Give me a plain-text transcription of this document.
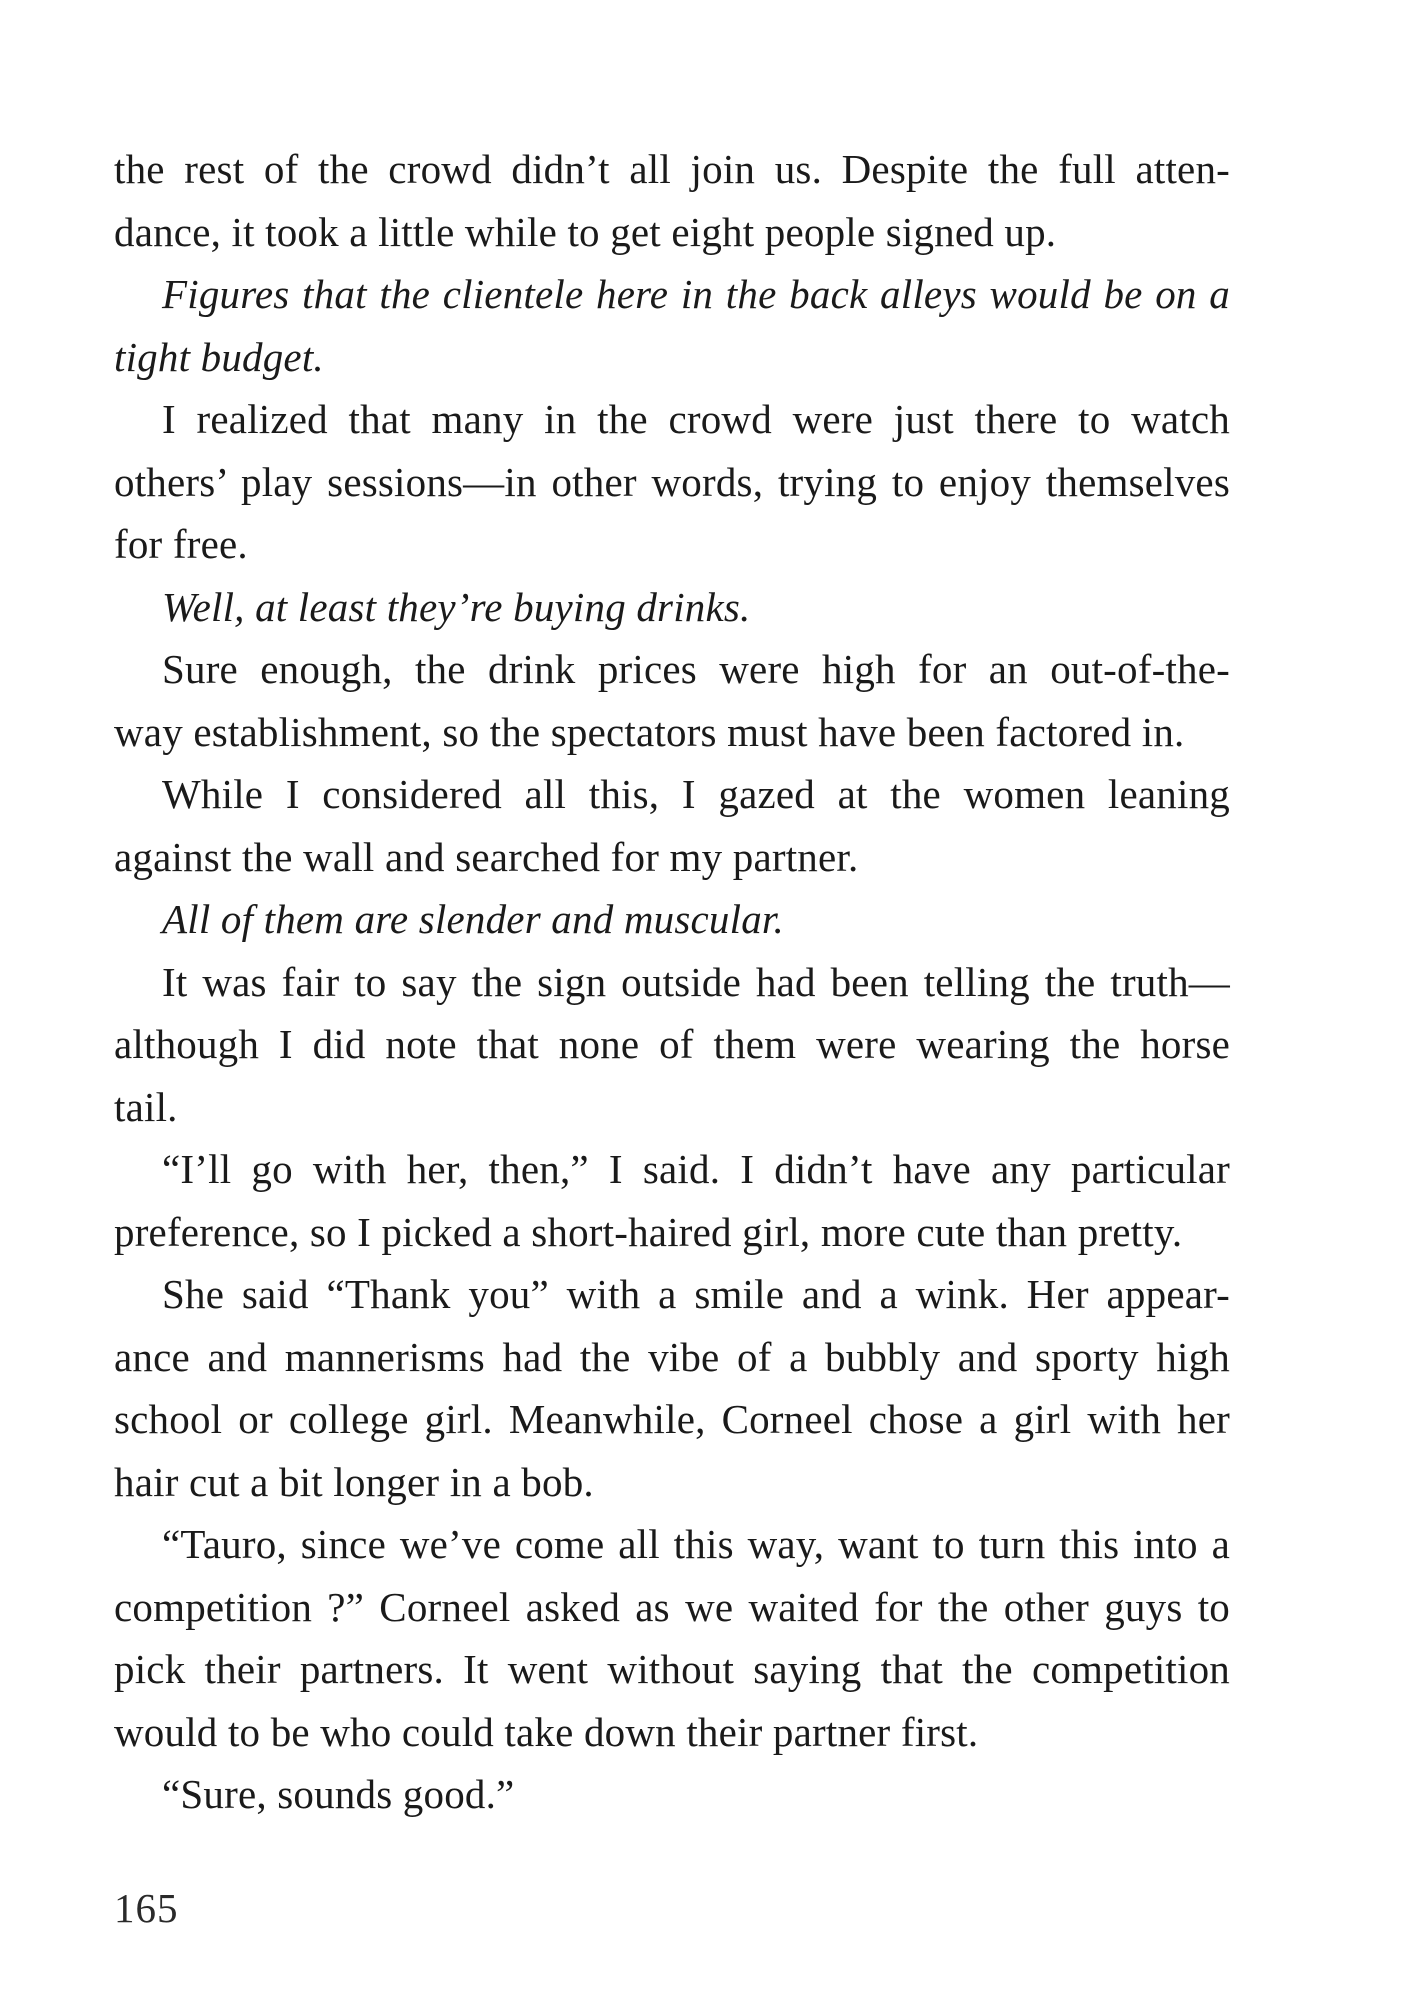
the rest of the crowd didn’t all join us. Despite the full atten-
dance, it took a little while to get eight people signed up.

Figures that the clientele here in the back alleys would be on a
tight budget.

I realized that many in the crowd were just there to watch
others’ play sessions—in other words, trying to enjoy themselves
for free.

Well, at least they’re buying drinks.

Sure enough, the drink prices were high for an out-of-the-
way establishment, so the spectators must have been factored in.

While I considered all this, I gazed at the women leaning
against the wall and searched for my partner.

All of them are slender and muscular.

It was fair to say the sign outside had been telling the truth—
although I did note that none of them were wearing the horse
tail.

“I’ll go with her, then,” I said. I didn’t have any particular
preference, so I picked a short-haired girl, more cute than pretty.

She said “Thank you” with a smile and a wink. Her appear-
ance and mannerisms had the vibe of a bubbly and sporty high
school or college girl. Meanwhile, Corneel chose a girl with her
hair cut a bit longer in a bob.

“Tauro, since we’ve come all this way, want to turn this into a
competition ?” Corneel asked as we waited for the other guys to
pick their partners. It went without saying that the competition
would to be who could take down their partner first.

“Sure, sounds good.”

165
